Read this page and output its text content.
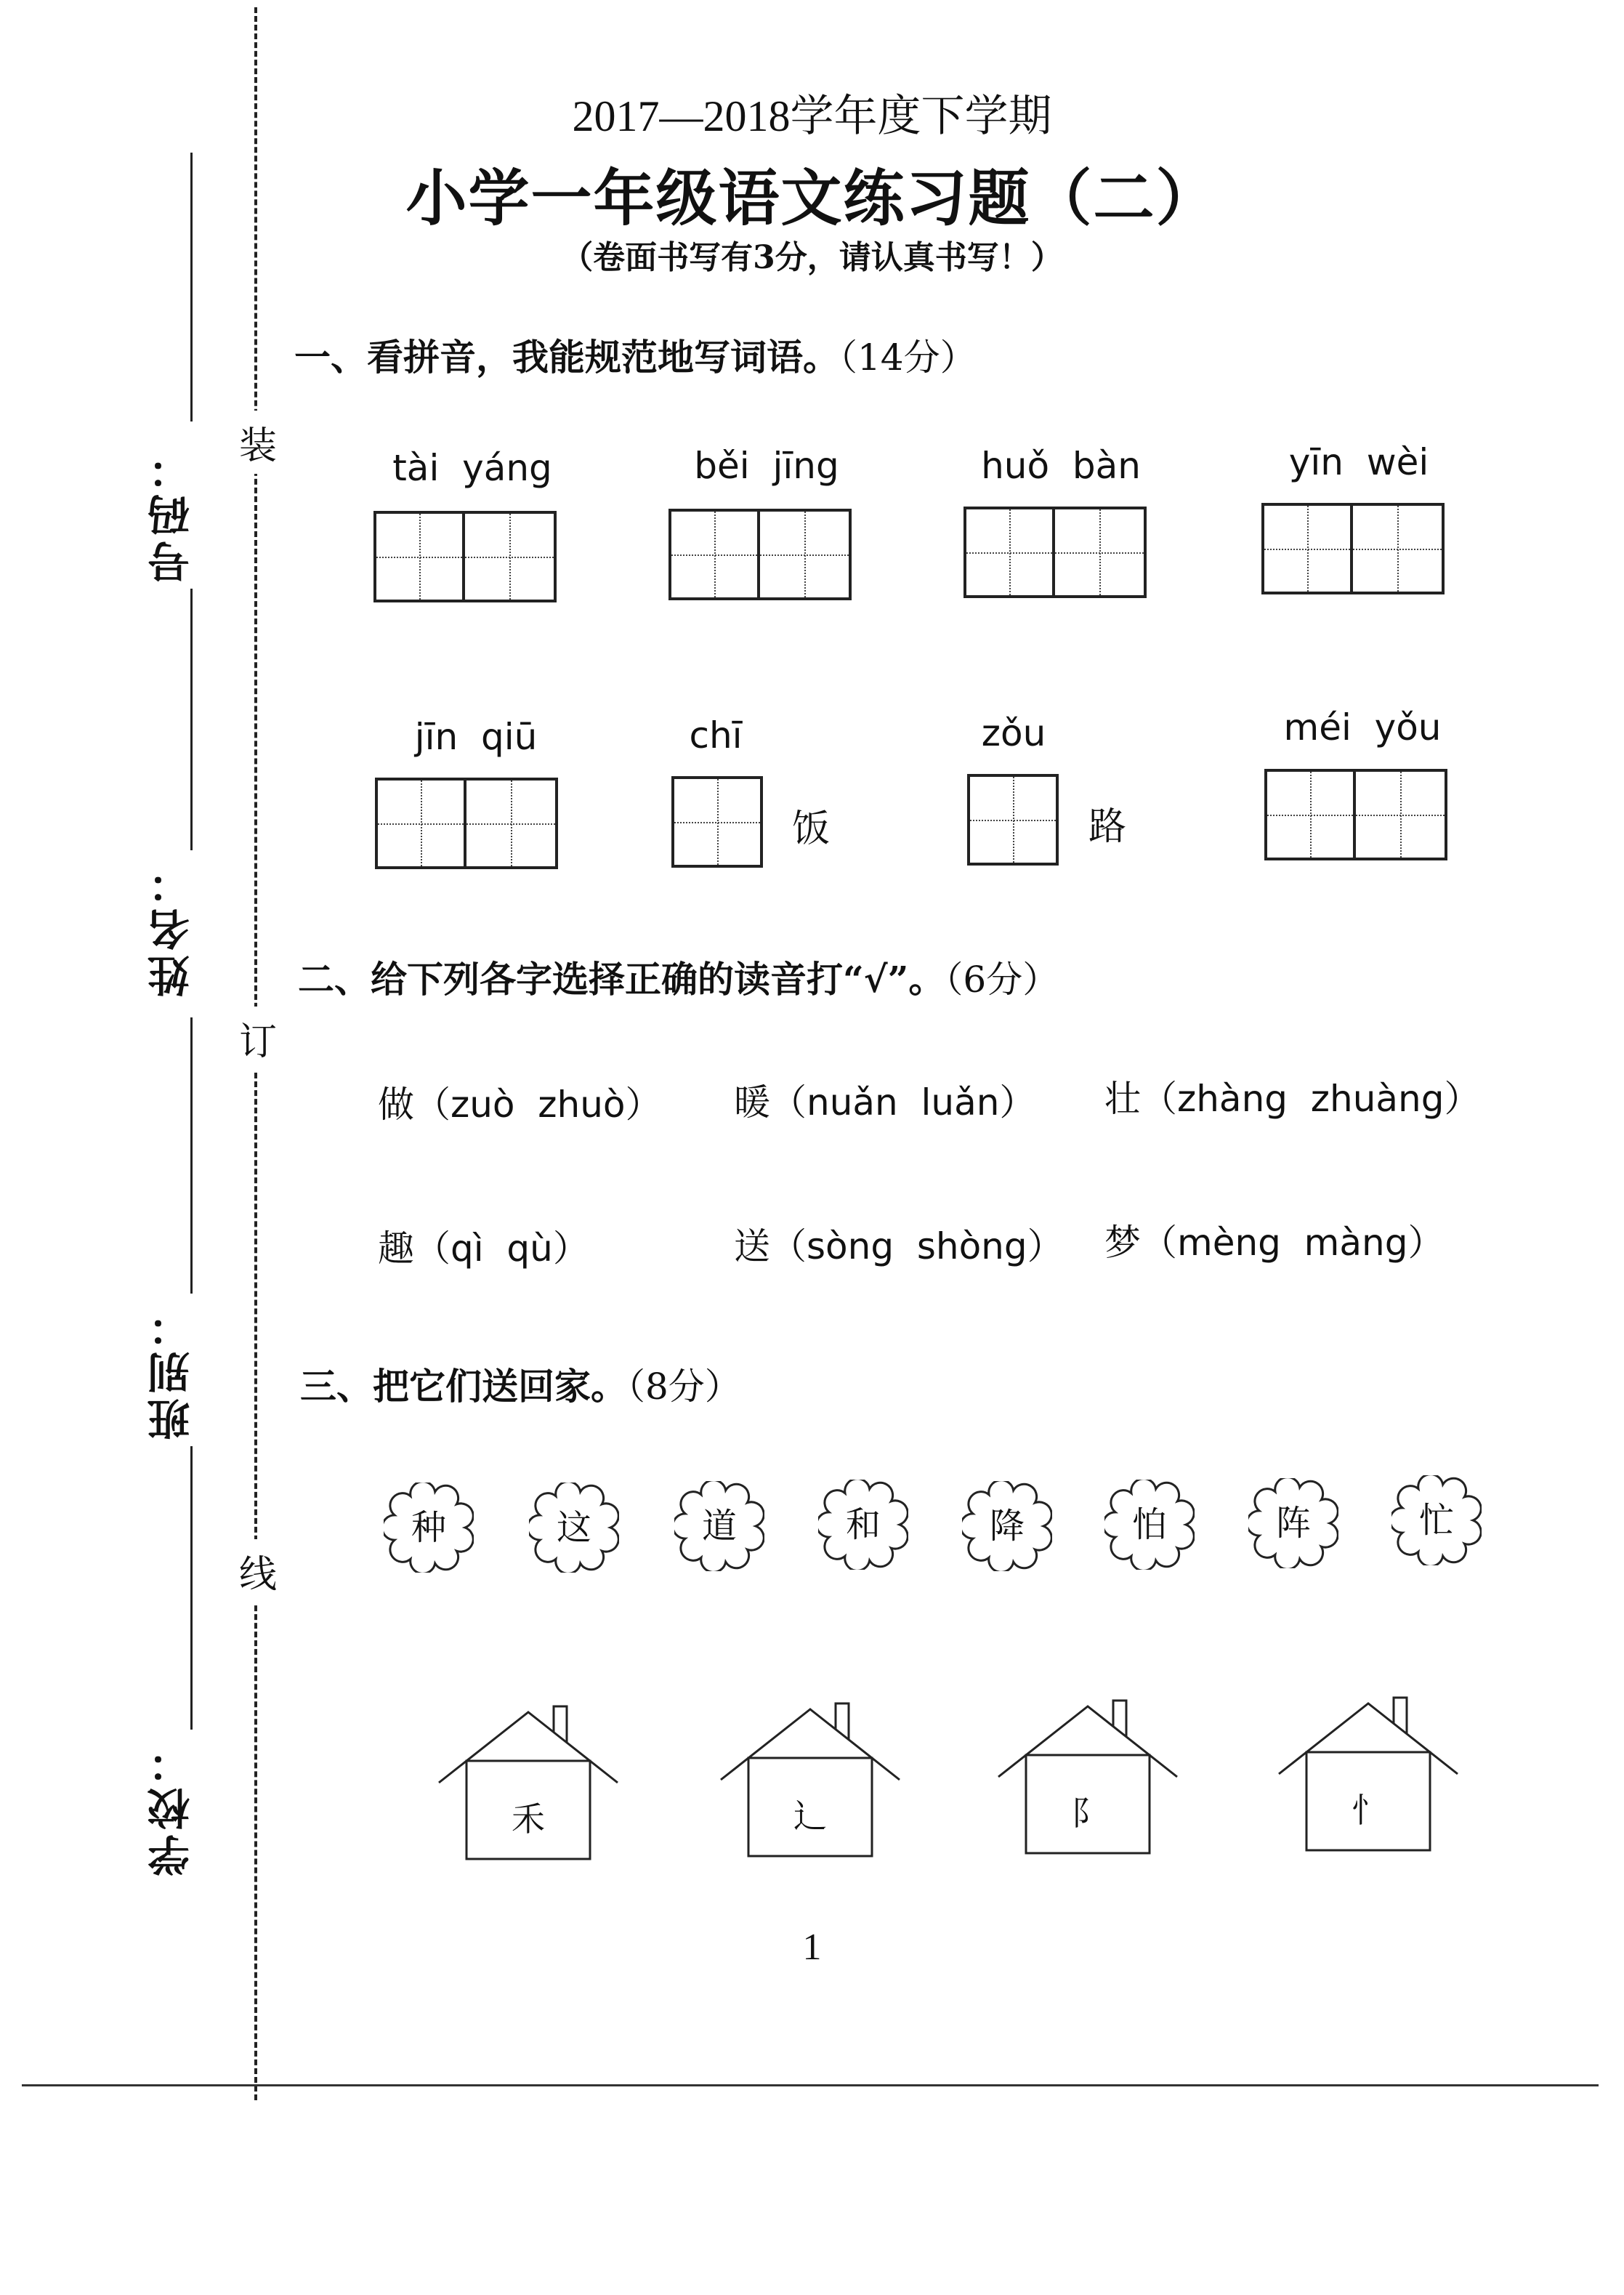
装
订
线
号码：
姓名：
班别：
学校：
2017—2018学年度下学期
小学一年级语文练习题（二）
（卷面书写有3分，请认真书写！）
一、看拼音，我能规范地写词语。（14分）
tài  yáng	běi  jīng	huǒ  bàn	yīn  wèi
jīn  qiū	chī	zǒu	méi  yǒu
饭	路
二、给下列各字选择正确的读音打“√”。（6分）
做（zuò  zhuò） 暖（nuǎn  luǎn） 壮（zhàng  zhuàng）
趣（qì  qù）	送（sòng  shòng） 梦（mèng  màng）
三、把它们送回家。（8分）
种	这	道	和	降	怕	阵	忙
禾	辶	阝	忄
1
